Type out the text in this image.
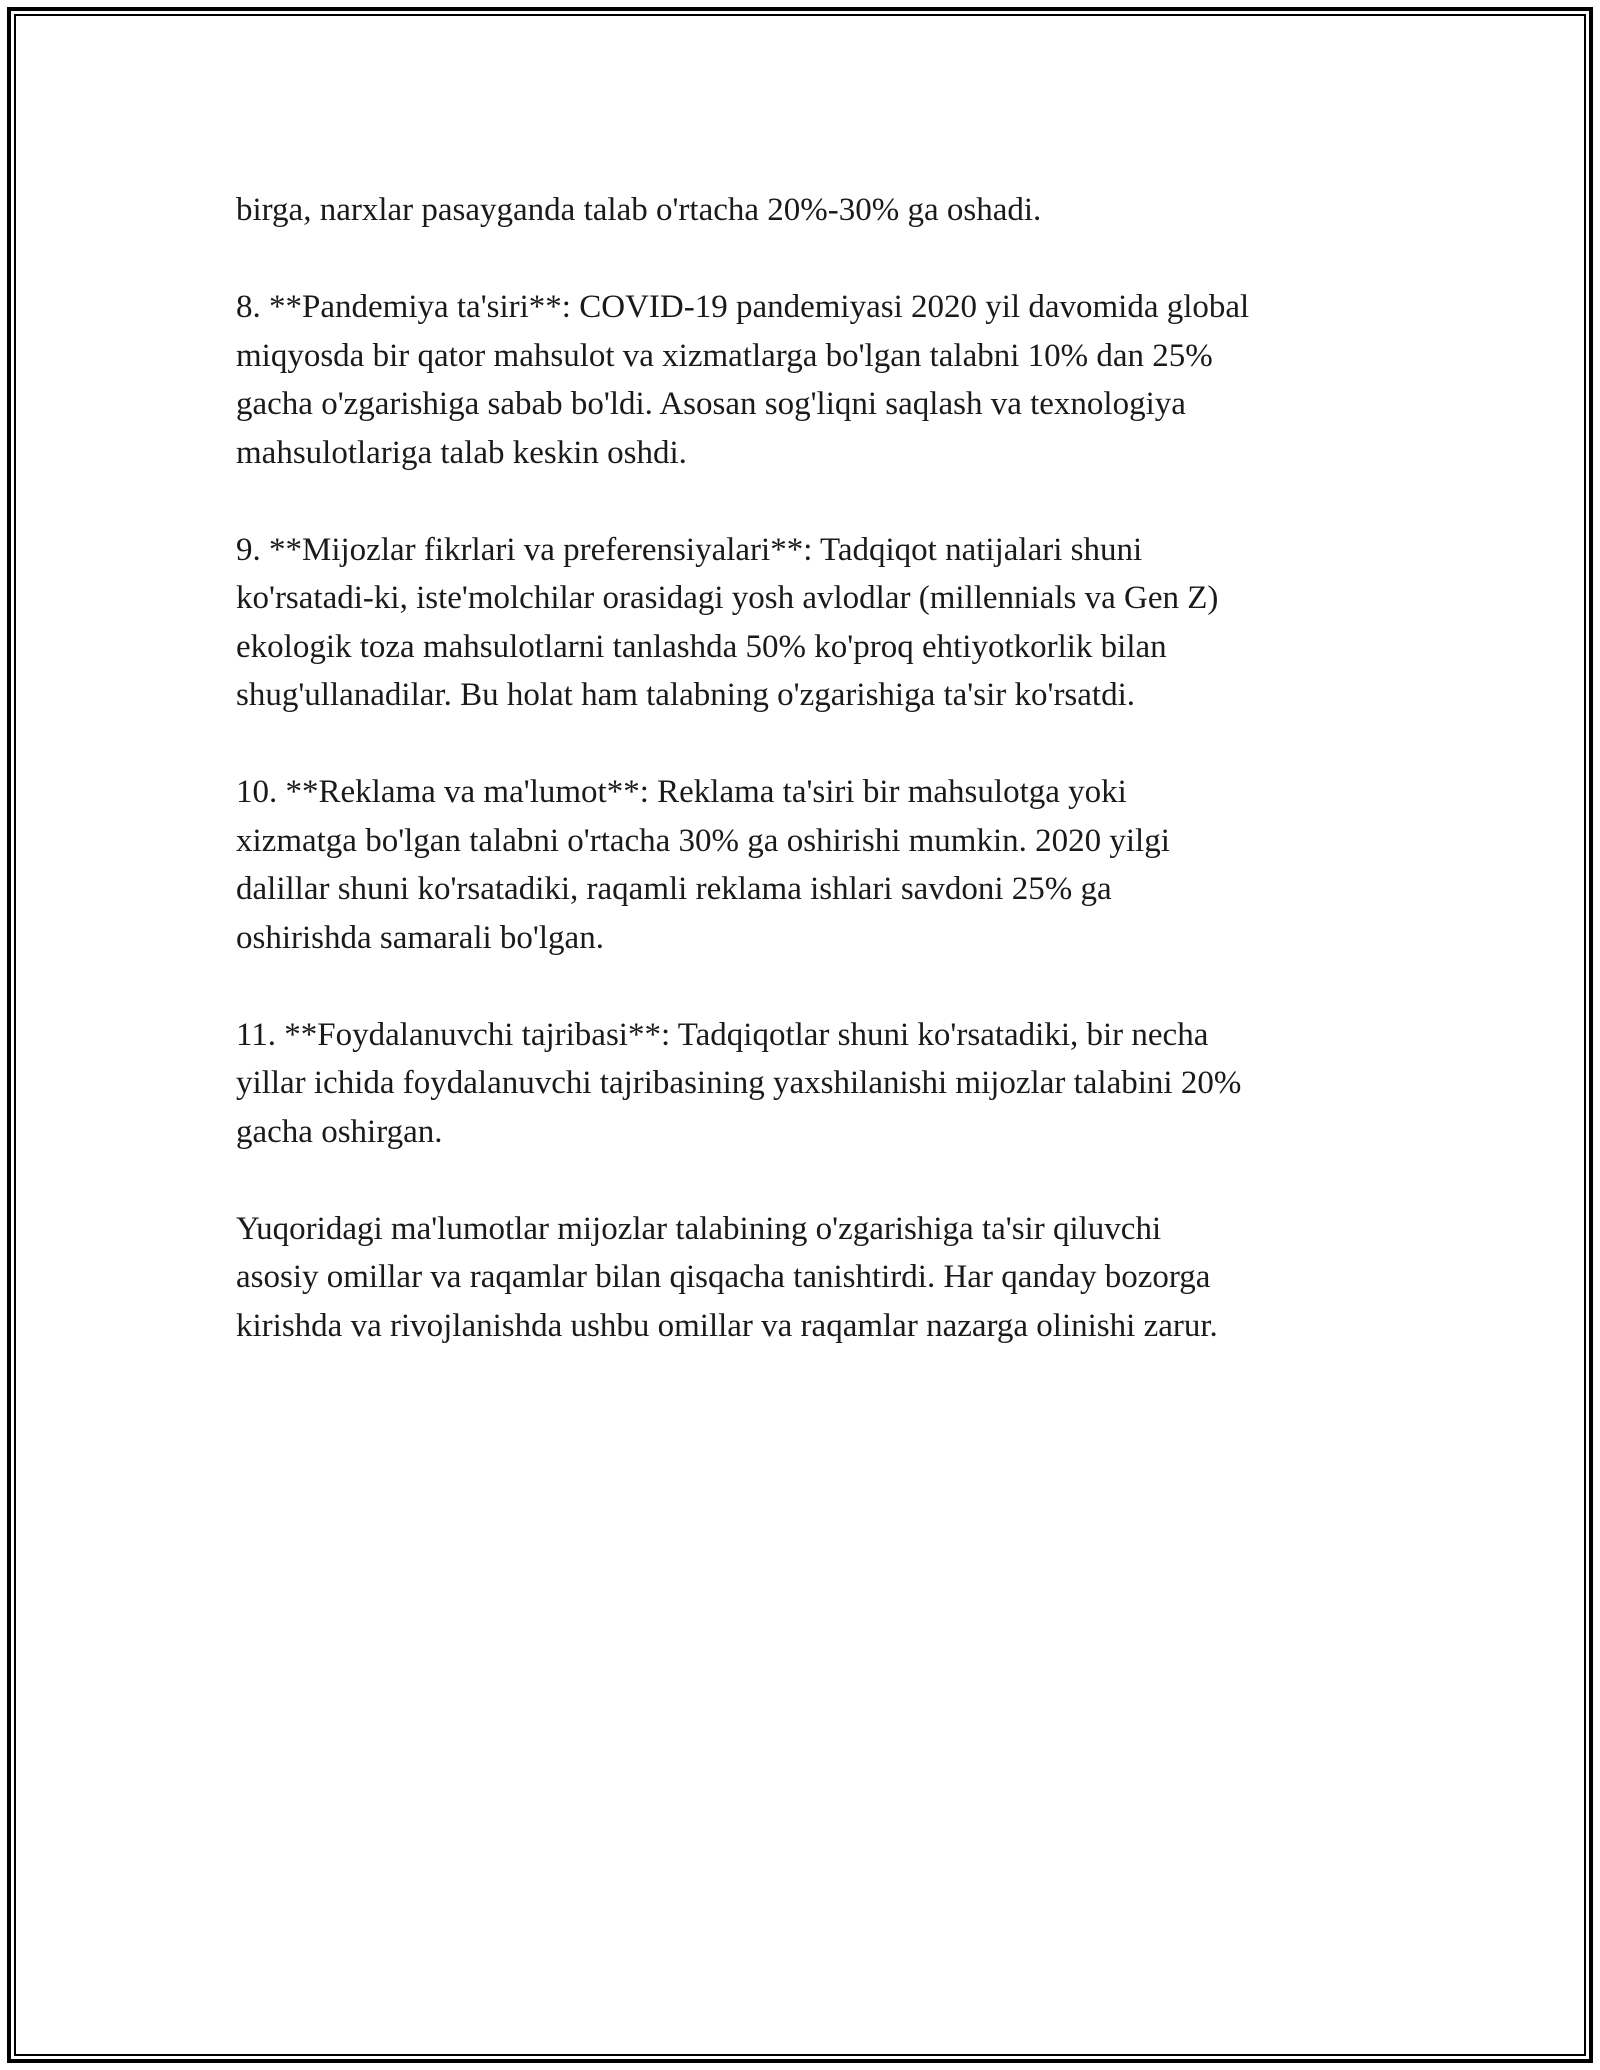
birga, narxlar pasayganda talab o'rtacha 20%-30% ga oshadi.

8. **Pandemiya ta'siri**: COVID-19 pandemiyasi 2020 yil davomida global
miqyosda bir qator mahsulot va xizmatlarga bo'lgan talabni 10% dan 25%
gacha o'zgarishiga sabab bo'ldi. Asosan sog'liqni saqlash va texnologiya
mahsulotlariga talab keskin oshdi.

9. **Mijozlar fikrlari va preferensiyalari**: Tadqiqot natijalari shuni
ko'rsatadi-ki, iste'molchilar orasidagi yosh avlodlar (millennials va Gen Z)
ekologik toza mahsulotlarni tanlashda 50% ko'proq ehtiyotkorlik bilan
shug'ullanadilar. Bu holat ham talabning o'zgarishiga ta'sir ko'rsatdi.

10. **Reklama va ma'lumot**: Reklama ta'siri bir mahsulotga yoki
xizmatga bo'lgan talabni o'rtacha 30% ga oshirishi mumkin. 2020 yilgi
dalillar shuni ko'rsatadiki, raqamli reklama ishlari savdoni 25% ga
oshirishda samarali bo'lgan.

11. **Foydalanuvchi tajribasi**: Tadqiqotlar shuni ko'rsatadiki, bir necha
yillar ichida foydalanuvchi tajribasining yaxshilanishi mijozlar talabini 20%
gacha oshirgan.

Yuqoridagi ma'lumotlar mijozlar talabining o'zgarishiga ta'sir qiluvchi
asosiy omillar va raqamlar bilan qisqacha tanishtirdi. Har qanday bozorga
kirishda va rivojlanishda ushbu omillar va raqamlar nazarga olinishi zarur.
